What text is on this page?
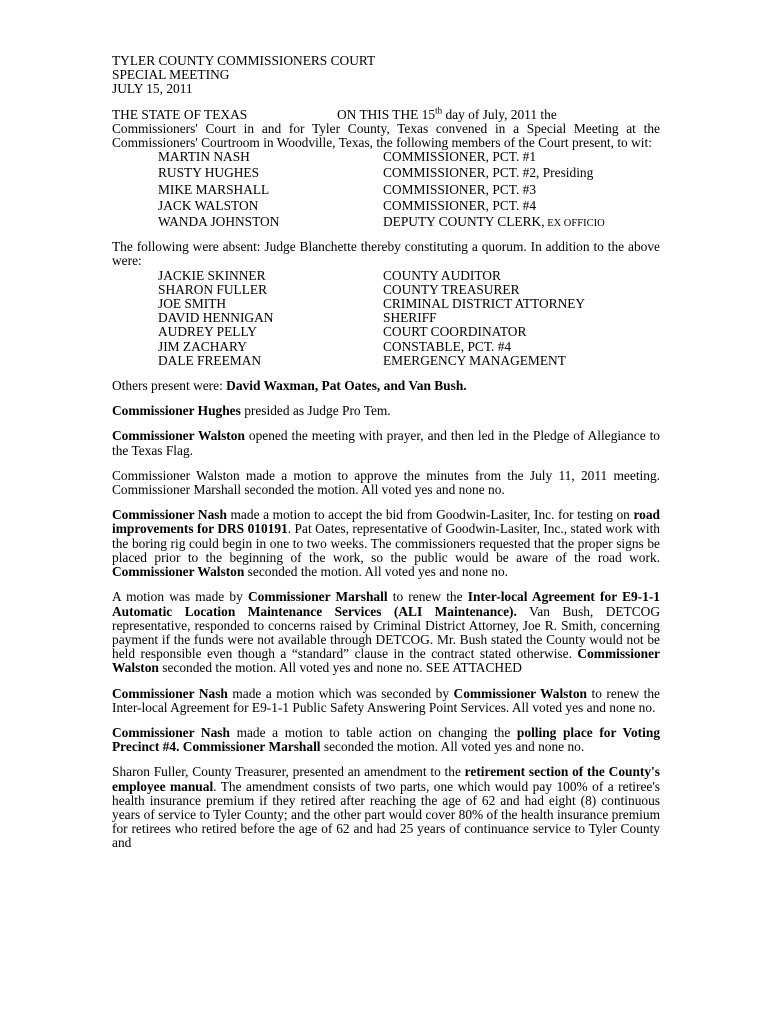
TYLER COUNTY COMMISSIONERS COURT
SPECIAL MEETING
JULY 15, 2011
THE STATE OF TEXAS	ON THIS THE 15th day of July, 2011 the
Commissioners' Court in and for Tyler County, Texas convened in a Special Meeting at the Commissioners' Courtroom in Woodville, Texas, the following members of the Court present, to wit:
MARTIN NASH	COMMISSIONER, PCT. #1
RUSTY HUGHES	COMMISSIONER, PCT. #2, Presiding
MIKE MARSHALL	COMMISSIONER, PCT. #3
JACK WALSTON	COMMISSIONER, PCT. #4
WANDA JOHNSTON	DEPUTY COUNTY CLERK, EX OFFICIO
The following were absent: Judge Blanchette thereby constituting a quorum. In addition to the above were:
JACKIE SKINNER	COUNTY AUDITOR
SHARON FULLER	COUNTY TREASURER
JOE SMITH	CRIMINAL DISTRICT ATTORNEY
DAVID HENNIGAN	SHERIFF
AUDREY PELLY	COURT COORDINATOR
JIM ZACHARY	CONSTABLE, PCT. #4
DALE FREEMAN	EMERGENCY MANAGEMENT
Others present were: David Waxman, Pat Oates, and Van Bush.
Commissioner Hughes presided as Judge Pro Tem.
Commissioner Walston opened the meeting with prayer, and then led in the Pledge of Allegiance to the Texas Flag.
Commissioner Walston made a motion to approve the minutes from the July 11, 2011 meeting. Commissioner Marshall seconded the motion. All voted yes and none no.
Commissioner Nash made a motion to accept the bid from Goodwin-Lasiter, Inc. for testing on road improvements for DRS 010191. Pat Oates, representative of Goodwin-Lasiter, Inc., stated work with the boring rig could begin in one to two weeks. The commissioners requested that the proper signs be placed prior to the beginning of the work, so the public would be aware of the road work. Commissioner Walston seconded the motion. All voted yes and none no.
A motion was made by Commissioner Marshall to renew the Inter-local Agreement for E9-1-1 Automatic Location Maintenance Services (ALI Maintenance). Van Bush, DETCOG representative, responded to concerns raised by Criminal District Attorney, Joe R. Smith, concerning payment if the funds were not available through DETCOG. Mr. Bush stated the County would not be held responsible even though a “standard” clause in the contract stated otherwise. Commissioner Walston seconded the motion. All voted yes and none no. SEE ATTACHED
Commissioner Nash made a motion which was seconded by Commissioner Walston to renew the Inter-local Agreement for E9-1-1 Public Safety Answering Point Services. All voted yes and none no.
Commissioner Nash made a motion to table action on changing the polling place for Voting Precinct #4. Commissioner Marshall seconded the motion. All voted yes and none no.
Sharon Fuller, County Treasurer, presented an amendment to the retirement section of the County's employee manual. The amendment consists of two parts, one which would pay 100% of a retiree's health insurance premium if they retired after reaching the age of 62 and had eight (8) continuous years of service to Tyler County; and the other part would cover 80% of the health insurance premium for retirees who retired before the age of 62 and had 25 years of continuance service to Tyler County and
